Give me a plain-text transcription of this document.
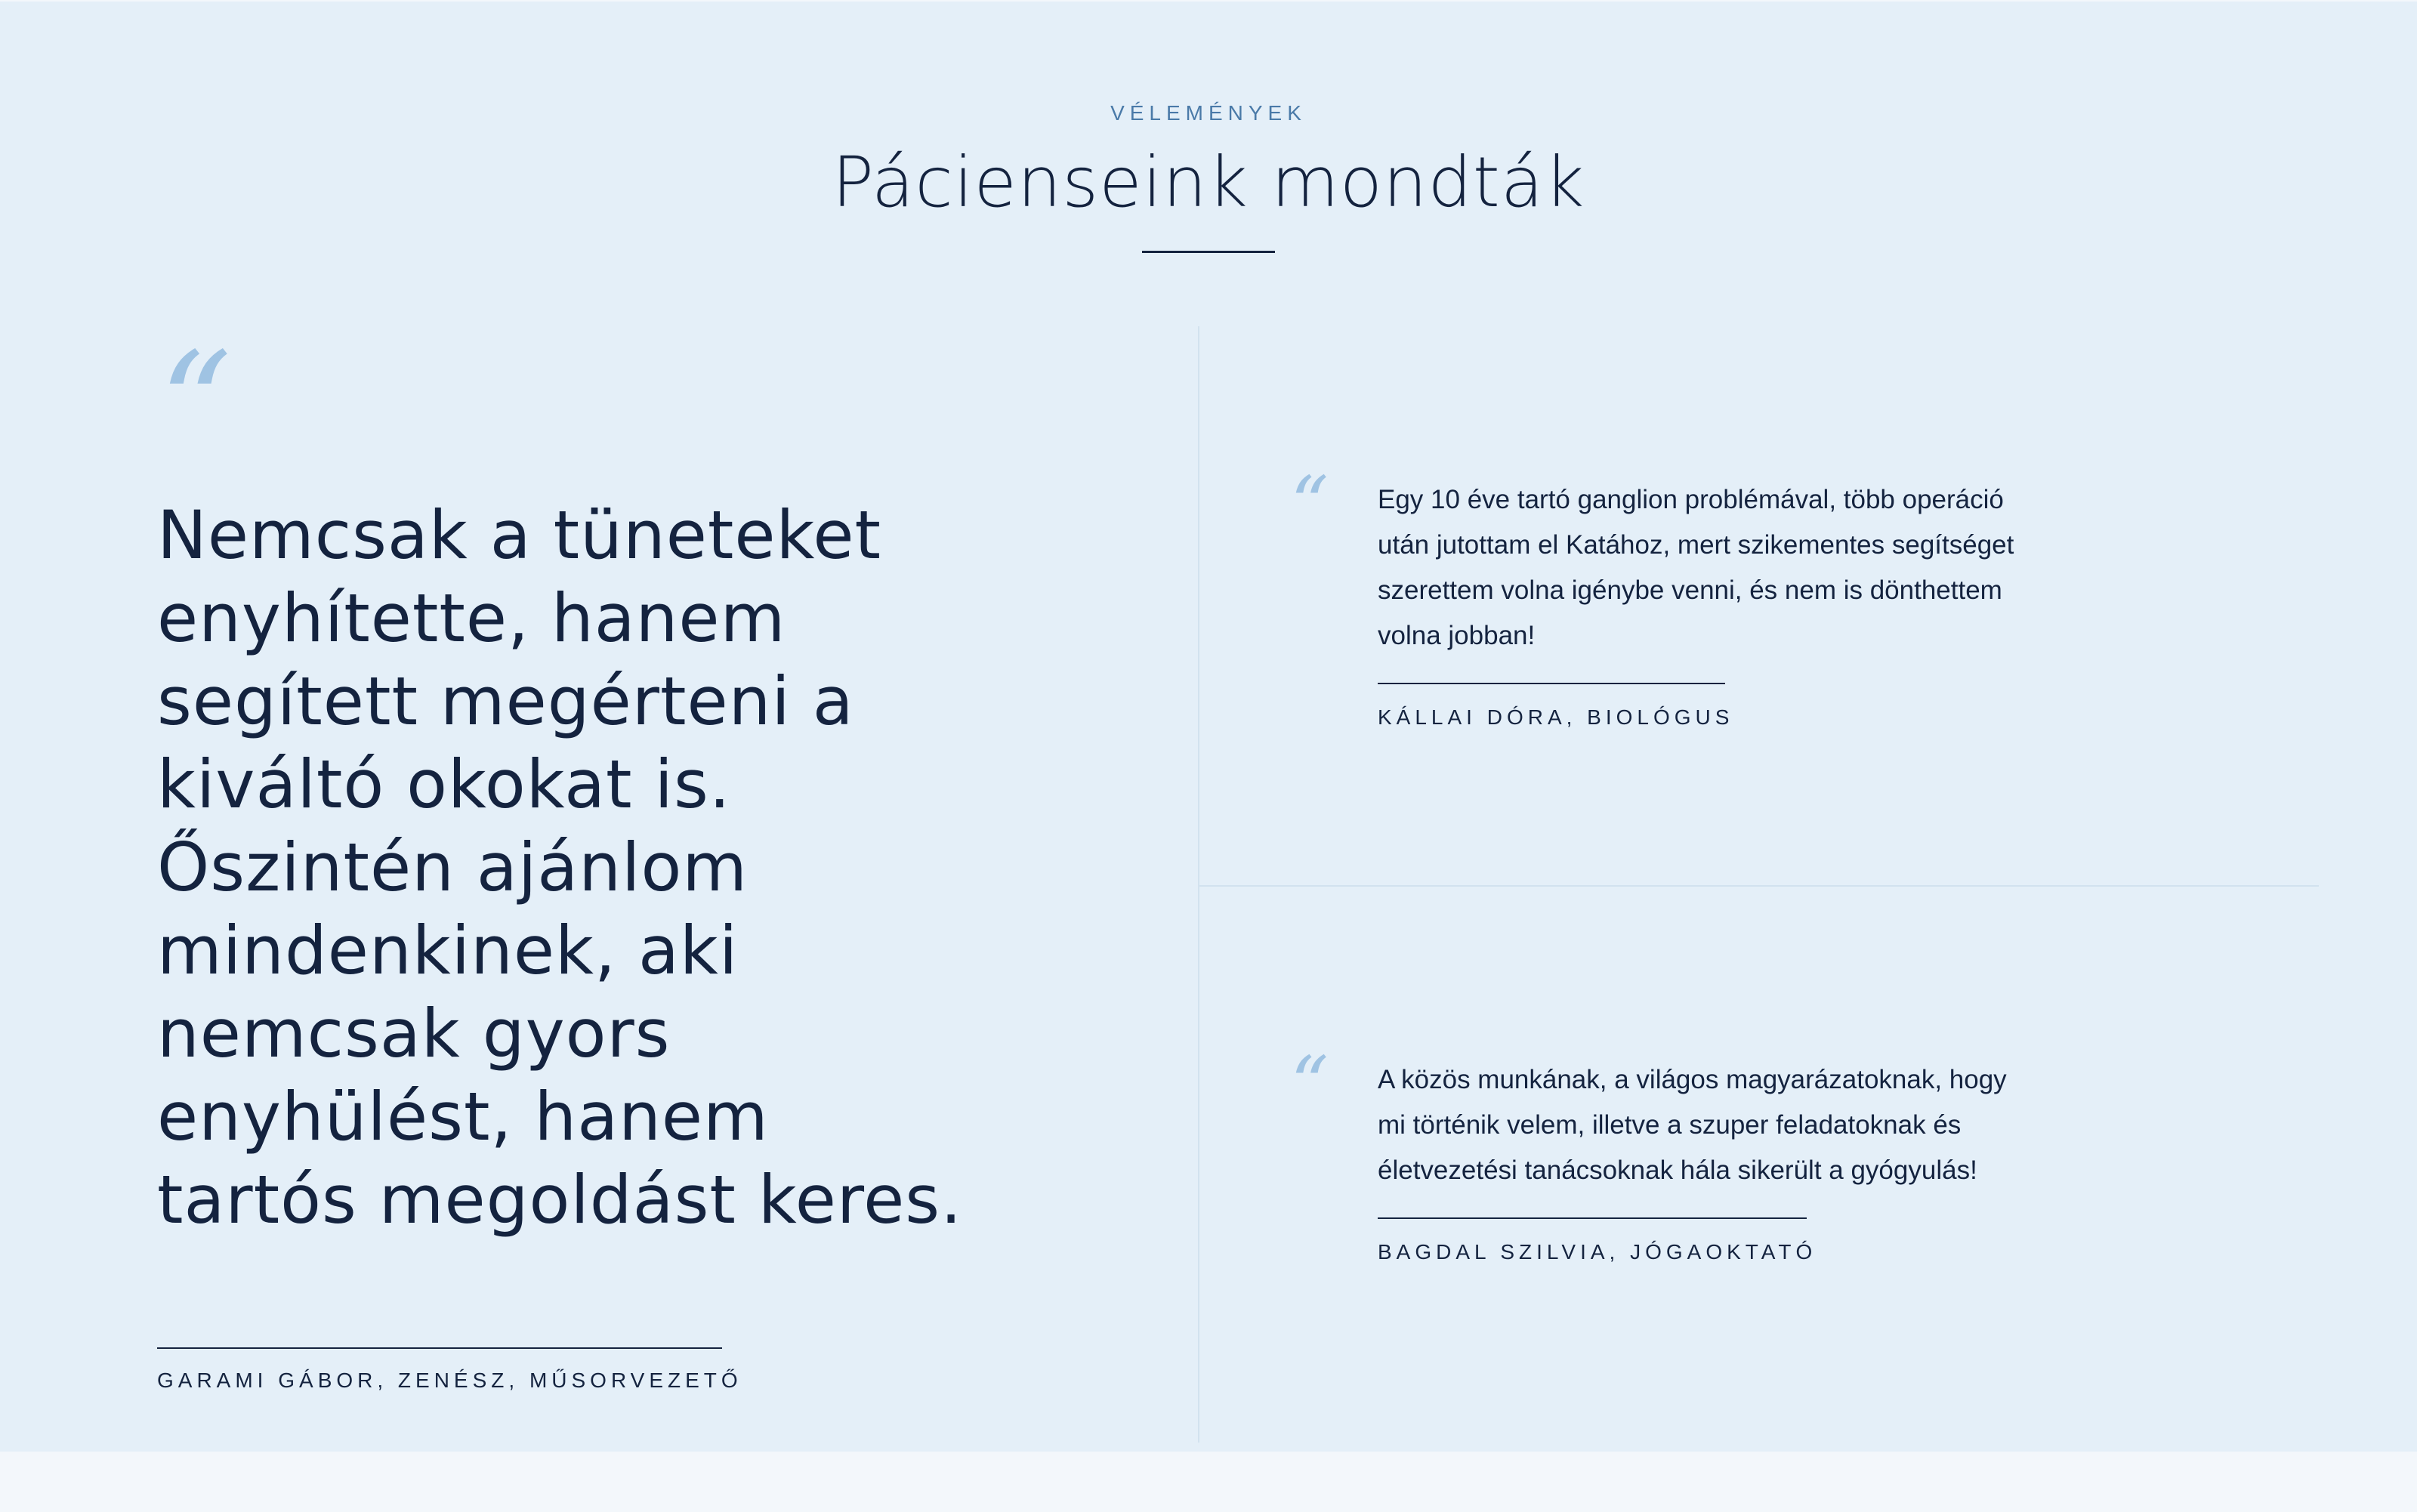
VÉLEMÉNYEK
Pácienseink mondták
“

Nemcsak a tüneteket enyhítette, hanem segített megérteni a kiváltó okokat is. Őszintén ajánlom mindenkinek, aki nemcsak gyors enyhülést, hanem tartós megoldást keres.

GARAMI GÁBOR, ZENÉSZ, MŰSORVEZETŐ
“ Egy 10 éve tartó ganglion problémával, több operáció után jutottam el Katához, mert szikementes segítséget szerettem volna igénybe venni, és nem is dönthettem volna jobban!

KÁLLAI DÓRA, BIOLÓGUS
“ A közös munkának, a világos magyarázatoknak, hogy mi történik velem, illetve a szuper feladatoknak és életvezetési tanácsoknak hála sikerült a gyógyulás!

BAGDAL SZILVIA, JÓGAOKTATÓ
